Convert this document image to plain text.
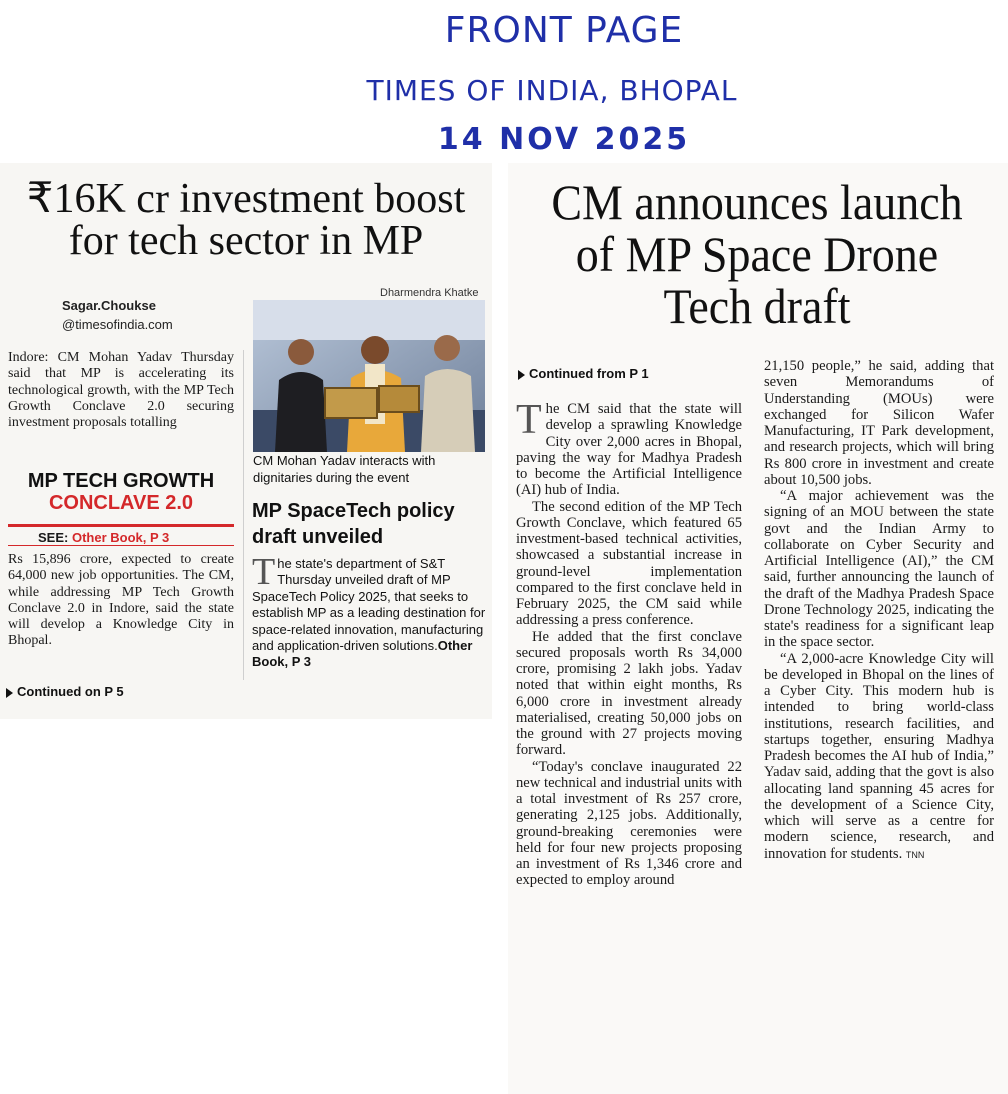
FRONT PAGE
TIMES OF INDIA, BHOPAL
14 NOV 2025
₹16K cr investment boost for tech sector in MP
Sagar.Choukse
@timesofindia.com
Dharmendra Khatke
CM Mohan Yadav interacts with dignitaries during the event
Indore: CM Mohan Yadav Thursday said that MP is accelerating its technological growth, with the MP Tech Growth Conclave 2.0 securing investment proposals totalling
MP TECH GROWTH
CONCLAVE 2.0
SEE: Other Book, P 3
Rs 15,896 crore, expected to create 64,000 new job opportunities. The CM, while addressing MP Tech Growth Conclave 2.0 in Indore, said the state will develop a Knowledge City in Bhopal.
Continued on P 5
MP SpaceTech policy draft unveiled
The state's department of S&T Thursday unveiled draft of MP SpaceTech Policy 2025, that seeks to establish MP as a leading destination for space-related innovation, manufacturing and application-driven solutions.Other Book, P 3
CM announces launch of MP Space Drone Tech draft
Continued from P 1

The CM said that the state will develop a sprawling Knowledge City over 2,000 acres in Bhopal, paving the way for Madhya Pradesh to become the Artificial Intelligence (AI) hub of India.

The second edition of the MP Tech Growth Conclave, which featured 65 investment-based technical activities, showcased a substantial increase in ground-level implementation compared to the first conclave held in February 2025, the CM said while addressing a press conference.

He added that the first conclave secured proposals worth Rs 34,000 crore, promising 2 lakh jobs. Yadav noted that within eight months, Rs 6,000 crore in investment already materialised, creating 50,000 jobs on the ground with 27 projects moving forward.

“Today's conclave inaugurated 22 new technical and industrial units with a total investment of Rs 257 crore, generating 2,125 jobs. Additionally, ground-breaking ceremonies were held for four new projects proposing an investment of Rs 1,346 crore and expected to employ around

21,150 people,” he said, adding that seven Memorandums of Understanding (MOUs) were exchanged for Silicon Wafer Manufacturing, IT Park development, and research projects, which will bring Rs 800 crore in investment and create about 10,500 jobs.

“A major achievement was the signing of an MOU between the state govt and the Indian Army to collaborate on Cyber Security and Artificial Intelligence (AI),” the CM said, further announcing the launch of the draft of the Madhya Pradesh Space Drone Technology 2025, indicating the state's readiness for a significant leap in the space sector.

“A 2,000-acre Knowledge City will be developed in Bhopal on the lines of a Cyber City. This modern hub is intended to bring world-class institutions, research facilities, and startups together, ensuring Madhya Pradesh becomes the AI hub of India,” Yadav said, adding that the govt is also allocating land spanning 45 acres for the development of a Science City, which will serve as a centre for modern science, research, and innovation for students. TNN
